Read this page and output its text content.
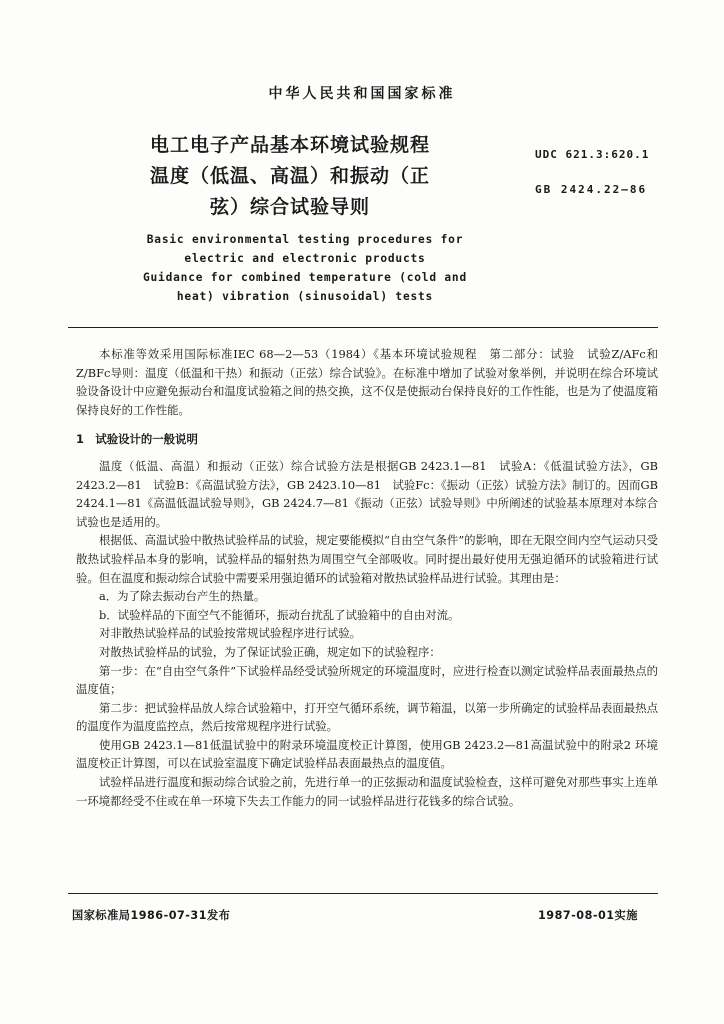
中华人民共和国国家标准
电工电子产品基本环境试验规程
温度（低温、高温）和振动（正
弦）综合试验导则
UDC 621.3:620.1
GB 2424.22—86
Basic environmental testing procedures for
electric and electronic products
Guidance for combined temperature (cold and
heat) vibration (sinusoidal) tests

本标准等效采用国际标准IEC 68—2—53（1984）《基本环境试验规程　第二部分：试验　试验Z/AFc和Z/BFc导则：温度（低温和干热）和振动（正弦）综合试验》。在标准中增加了试验对象举例，并说明在综合环境试验设备设计中应避免振动台和温度试验箱之间的热交换，这不仅是使振动台保持良好的工作性能，也是为了使温度箱保持良好的工作性能。

1　试验设计的一般说明

温度（低温、高温）和振动（正弦）综合试验方法是根据GB 2423.1—81　试验A：《低温试验方法》，GB 2423.2—81　试验B：《高温试验方法》，GB 2423.10—81　试验Fc：《振动（正弦）试验方法》制订的。因而GB 2424.1—81《高温低温试验导则》，GB 2424.7—81《振动（正弦）试验导则》中所阐述的试验基本原理对本综合试验也是适用的。

根据低、高温试验中散热试验样品的试验，规定要能模拟“自由空气条件”的影响，即在无限空间内空气运动只受散热试验样品本身的影响，试验样品的辐射热为周围空气全部吸收。同时提出最好使用无强迫循环的试验箱进行试验。但在温度和振动综合试验中需要采用强迫循环的试验箱对散热试验样品进行试验。其理由是：

a．为了除去振动台产生的热量。

b．试验样品的下面空气不能循环，振动台扰乱了试验箱中的自由对流。

对非散热试验样品的试验按常规试验程序进行试验。

对散热试验样品的试验，为了保证试验正确，规定如下的试验程序：

第一步：在“自由空气条件”下试验样品经受试验所规定的环境温度时，应进行检查以测定试验样品表面最热点的温度值；

第二步：把试验样品放人综合试验箱中，打开空气循环系统，调节箱温，以第一步所确定的试验样品表面最热点的温度作为温度监控点，然后按常规程序进行试验。

使用GB 2423.1—81低温试验中的附录环境温度校正计算图，使用GB 2423.2—81高温试验中的附录2 环境温度校正计算图，可以在试验室温度下确定试验样品表面最热点的温度值。

试验样品进行温度和振动综合试验之前，先进行单一的正弦振动和温度试验检查，这样可避免对那些事实上连单一环境都经受不住或在单一环境下失去工作能力的同一试验样品进行花钱多的综合试验。

国家标准局1986-07-31发布	1987-08-01实施
